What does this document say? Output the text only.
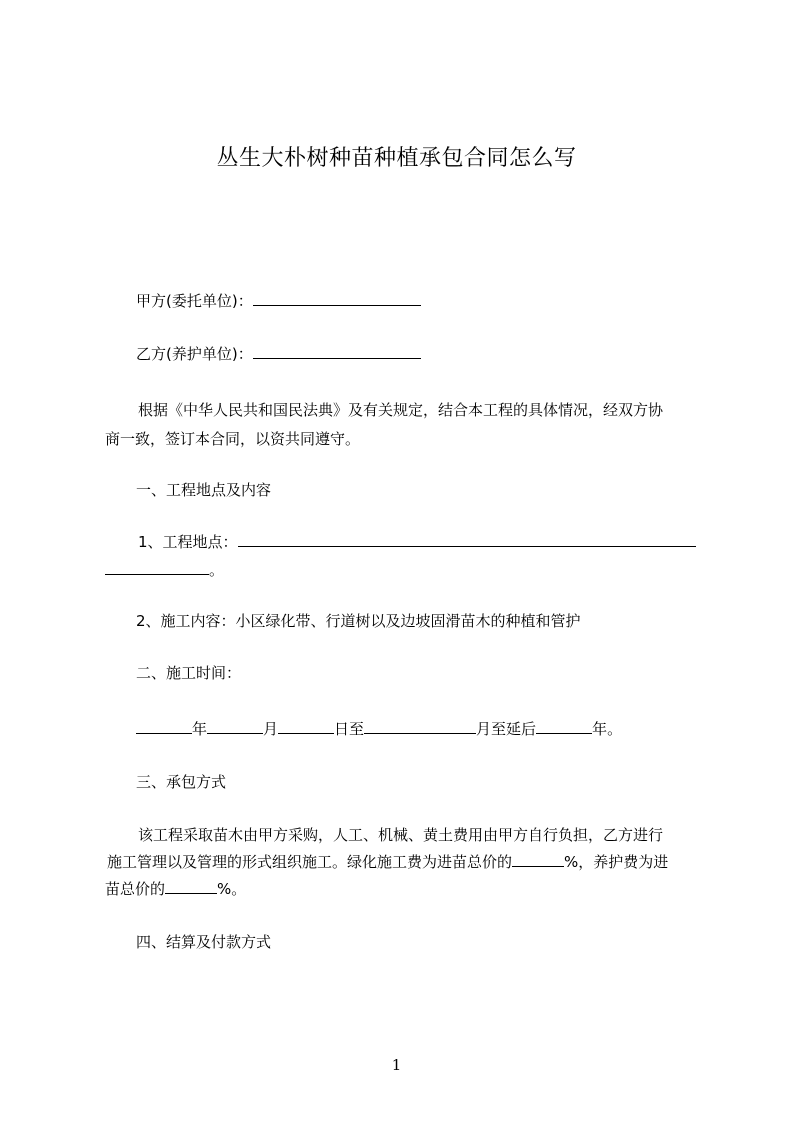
丛生大朴树种苗种植承包合同怎么写
甲方(委托单位)：
乙方(养护单位)：
根据《中华人民共和国民法典》及有关规定，结合本工程的具体情况，经双方协
商一致，签订本合同，以资共同遵守。
一、工程地点及内容
1、工程地点：
。
2、施工内容：小区绿化带、行道树以及边坡固滑苗木的种植和管护
二、施工时间：
年	月	日至	月至延后	年。
三、承包方式
该工程采取苗木由甲方采购，人工、机械、黄土费用由甲方自行负担，乙方进行
施工管理以及管理的形式组织施工。绿化施工费为进苗总价的	%，养护费为进
苗总价的	%。
四、结算及付款方式
1
